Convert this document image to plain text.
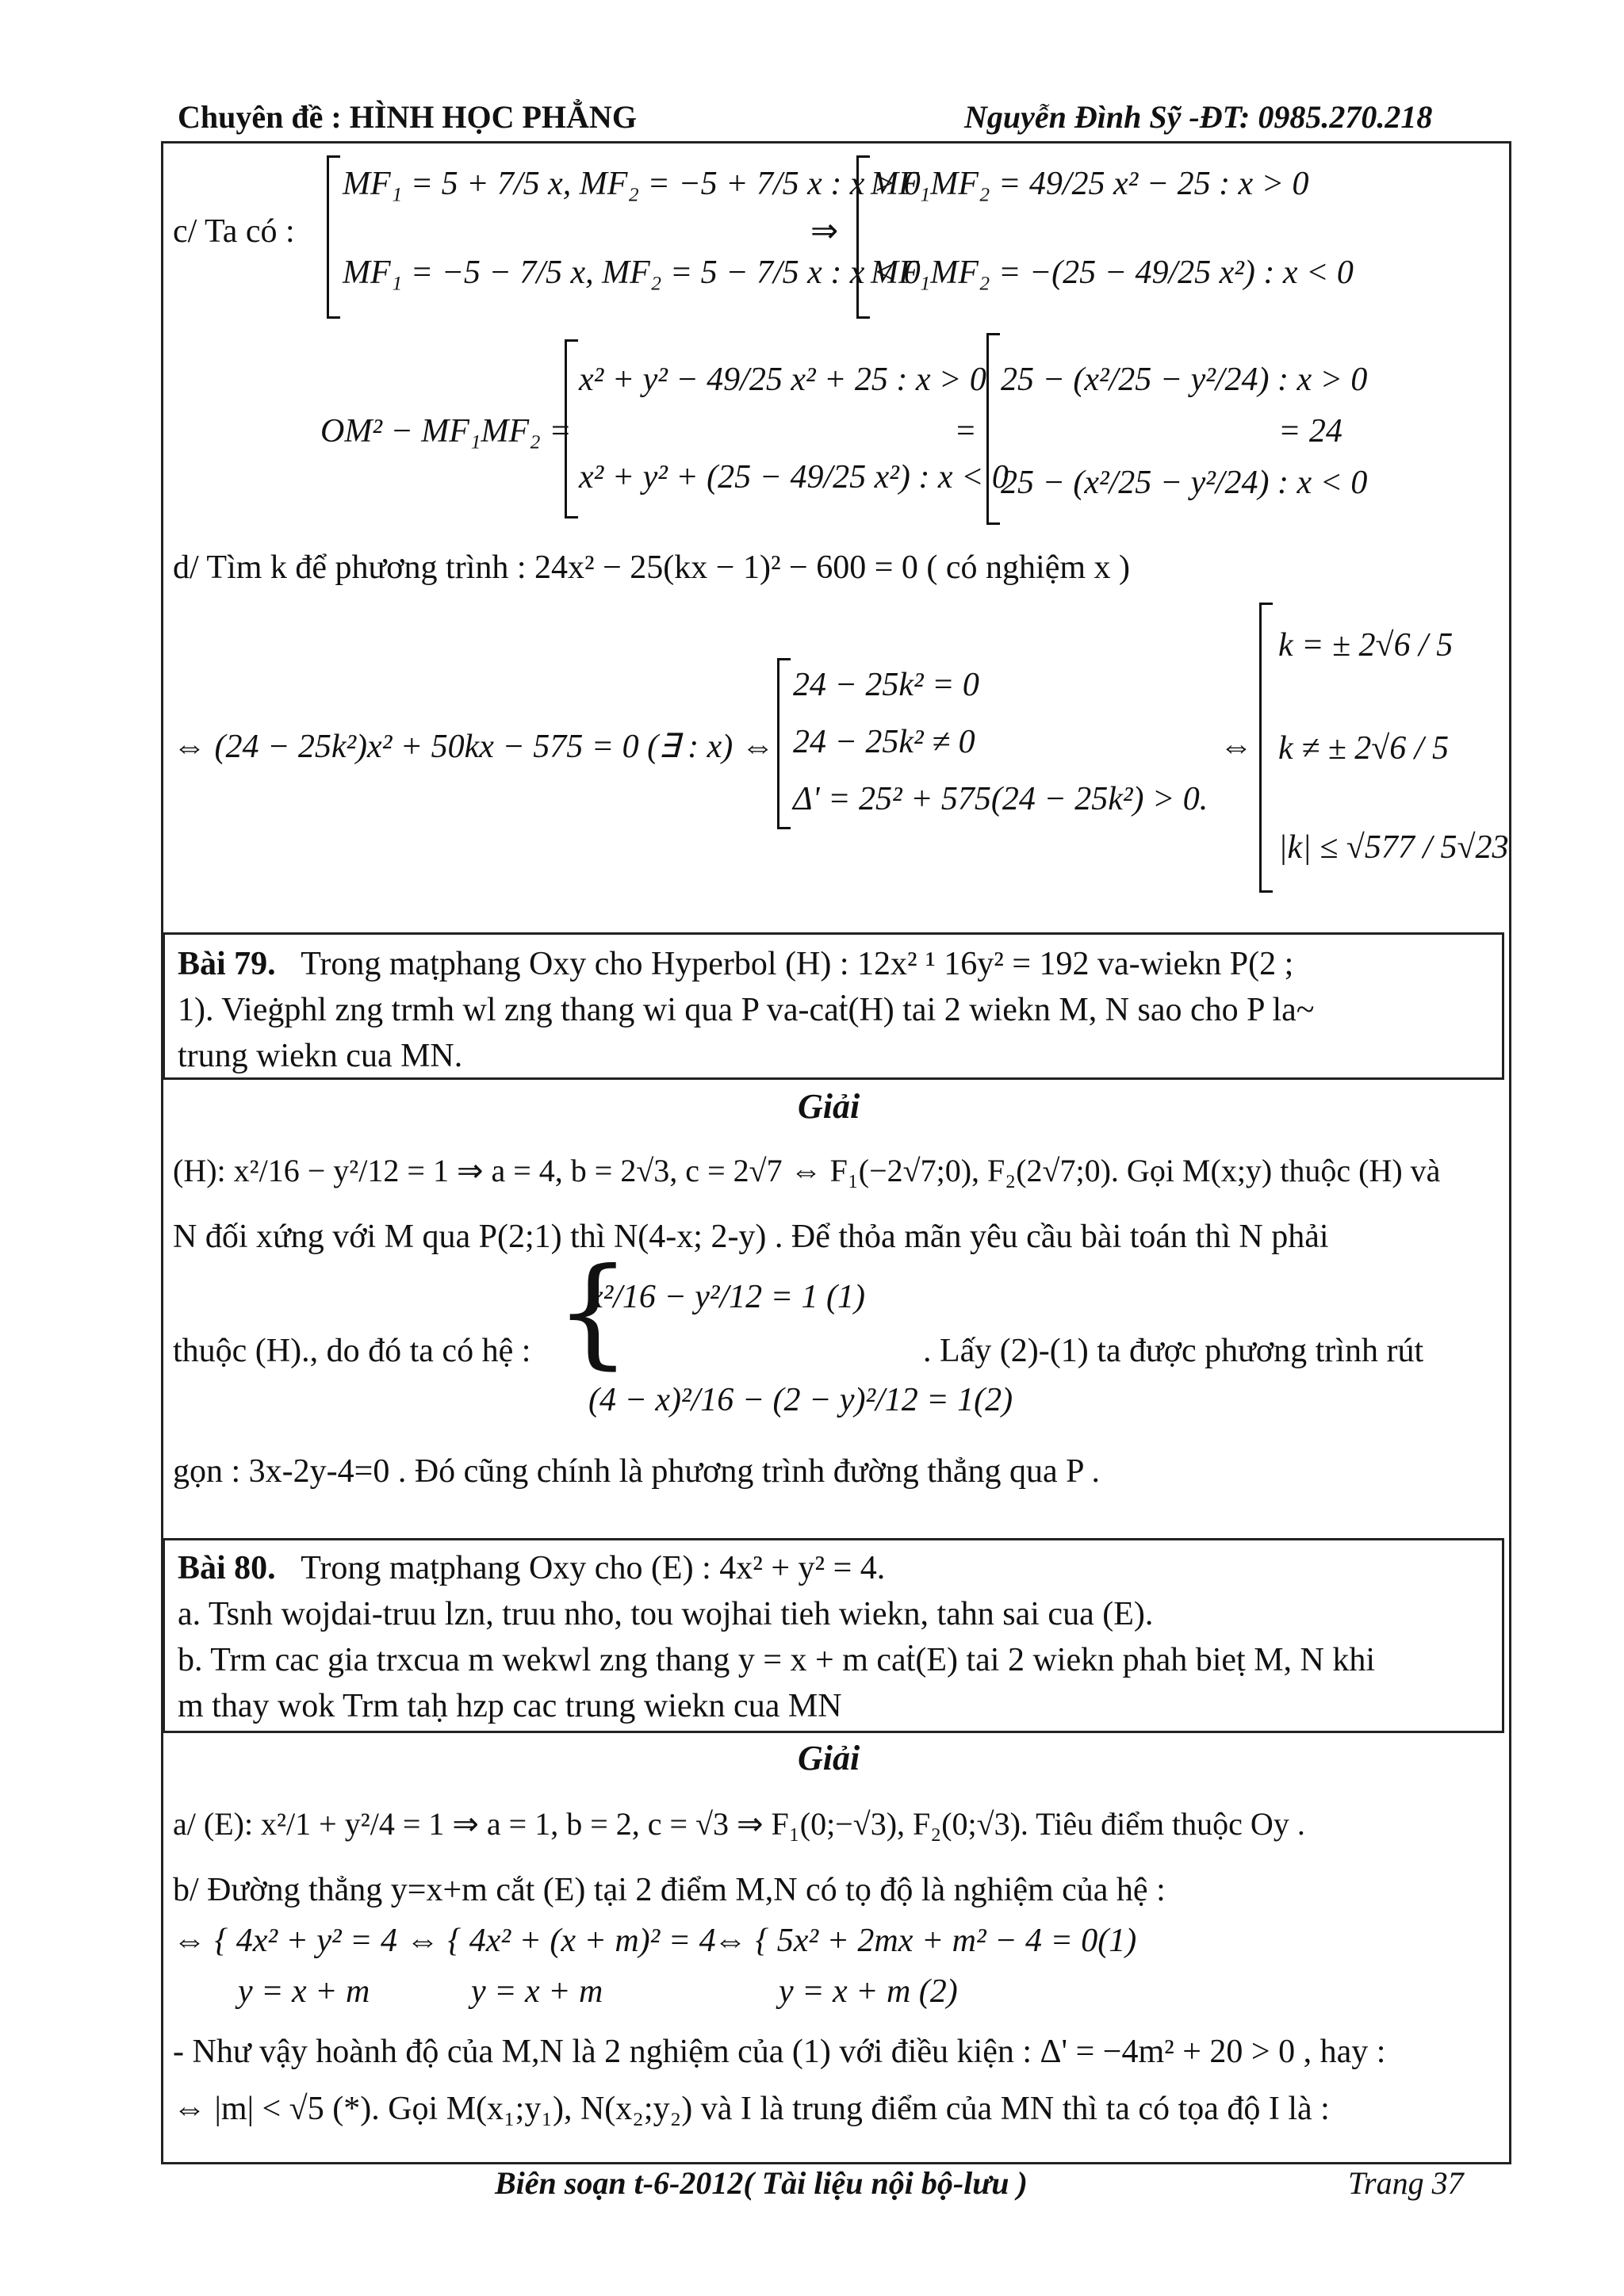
Chuyên đề : HÌNH HỌC PHẲNG	Nguyễn Đình Sỹ -ĐT: 0985.270.218
c/ Ta có :
MF₁ = 5 + 7/5 x, MF₂ = −5 + 7/5 x : x > 0
MF₁ = −5 − 7/5 x, MF₂ = 5 − 7/5 x : x < 0
⇒
MF₁MF₂ = 49/25 x² − 25 : x > 0
MF₁MF₂ = −(25 − 49/25 x²) : x < 0
OM² − MF₁MF₂ =
x² + y² − 49/25 x² + 25 : x > 0
x² + y² + (25 − 49/25 x²) : x < 0
=
25 − (x²/25 − y²/24) : x > 0
25 − (x²/25 − y²/24) : x < 0
= 24
d/ Tìm k để phương trình : 24x² − 25(kx − 1)² − 600 = 0 ( có nghiệm x )
⇔ (24 − 25k²)x² + 50kx − 575 = 0 (∃ : x) ⇔
24 − 25k² = 0
24 − 25k² ≠ 0
Δ' = 25² + 575(24 − 25k²) > 0.
⇔
k = ± 2√6 / 5
k ≠ ± 2√6 / 5
|k| ≤ √577 / 5√23
Bài 79. Trong maṭphang Oxy cho Hyperbol (H) : 12x² ¹ 16y² = 192 va-wiekn P(2 ;
1). Vieġphl zng trmh wl zng thang wi qua P va-caṫ(H) tai 2 wiekn M, N sao cho P la~
trung wiekn cua MN.
Giải
(H): x²/16 − y²/12 = 1 ⇒ a = 4, b = 2√3, c = 2√7 ⇔ F₁(−2√7;0), F₂(2√7;0). Gọi M(x;y) thuộc (H) và
N đối xứng với M qua P(2;1) thì N(4-x; 2-y) . Để thỏa mãn yêu cầu bài toán thì N phải
thuộc (H)., do đó ta có hệ : {
x²/16 − y²/12 = 1 (1)
(4 − x)²/16 − (2 − y)²/12 = 1(2)
. Lấy (2)-(1) ta được phương trình rút
gọn : 3x-2y-4=0 . Đó cũng chính là phương trình đường thẳng qua P .
Bài 80. Trong maṭphang Oxy cho (E) : 4x² + y² = 4.
a. Tsnh wojdai-truu lzn, truu nho, tou wojhai tieh wiekn, tahn sai cua (E).
b. Trm cac gia trxcua m wekwl zng thang y = x + m caṫ(E) tai 2 wiekn phah bieṭ M, N khi
m thay wok Trm taḥ hzp cac trung wiekn cua MN
Giải
a/ (E): x²/1 + y²/4 = 1 ⇒ a = 1, b = 2, c = √3 ⇒ F₁(0;−√3), F₂(0;√3). Tiêu điểm thuộc Oy .
b/ Đường thẳng y=x+m cắt (E) tại 2 điểm M,N có tọ độ là nghiệm của hệ :
⇔ { 4x² + y² = 4
y = x + m
⇔ { 4x² + (x + m)² = 4
y = x + m
⇔ { 5x² + 2mx + m² − 4 = 0(1)
y = x + m (2)
- Như vậy hoành độ của M,N là 2 nghiệm của (1) với điều kiện : Δ' = −4m² + 20 > 0 , hay :
⇔ |m| < √5 (*). Gọi M(x₁;y₁), N(x₂;y₂) và I là trung điểm của MN thì ta có tọa độ I là :
Biên soạn t-6-2012( Tài liệu nội bộ-lưu )	Trang 37
